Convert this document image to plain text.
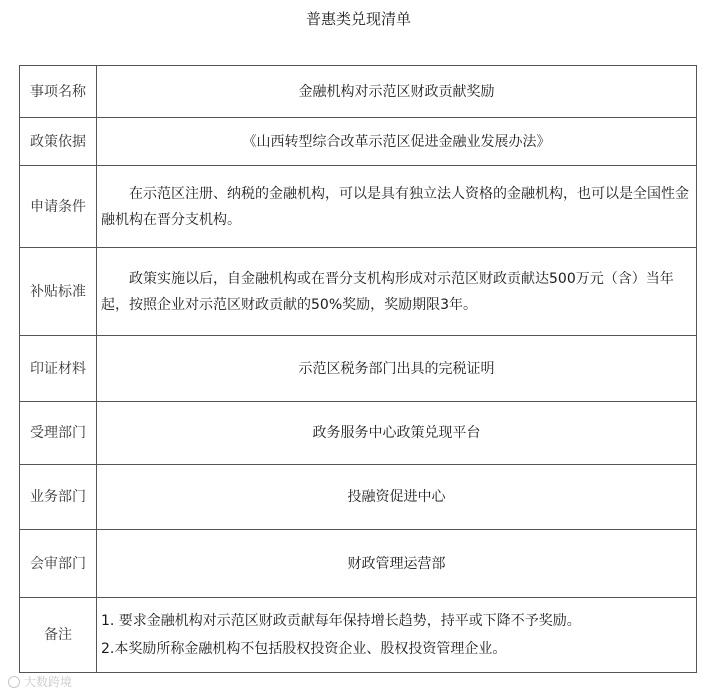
普惠类兑现清单
事项名称	金融机构对示范区财政贡献奖励
政策依据	《山西转型综合改革示范区促进金融业发展办法》
申请条件	在示范区注册、纳税的金融机构，可以是具有独立法人资格的金融机构，也可以是全国性金融机构在晋分支机构。
补贴标准	政策实施以后，自金融机构或在晋分支机构形成对示范区财政贡献达500万元（含）当年起，按照企业对示范区财政贡献的50%奖励，奖励期限3年。
印证材料	示范区税务部门出具的完税证明
受理部门	政务服务中心政策兑现平台
业务部门	投融资促进中心
会审部门	财政管理运营部
备注	1. 要求金融机构对示范区财政贡献每年保持增长趋势，持平或下降不予奖励。
2.本奖励所称金融机构不包括股权投资企业、股权投资管理企业。
大数跨境
